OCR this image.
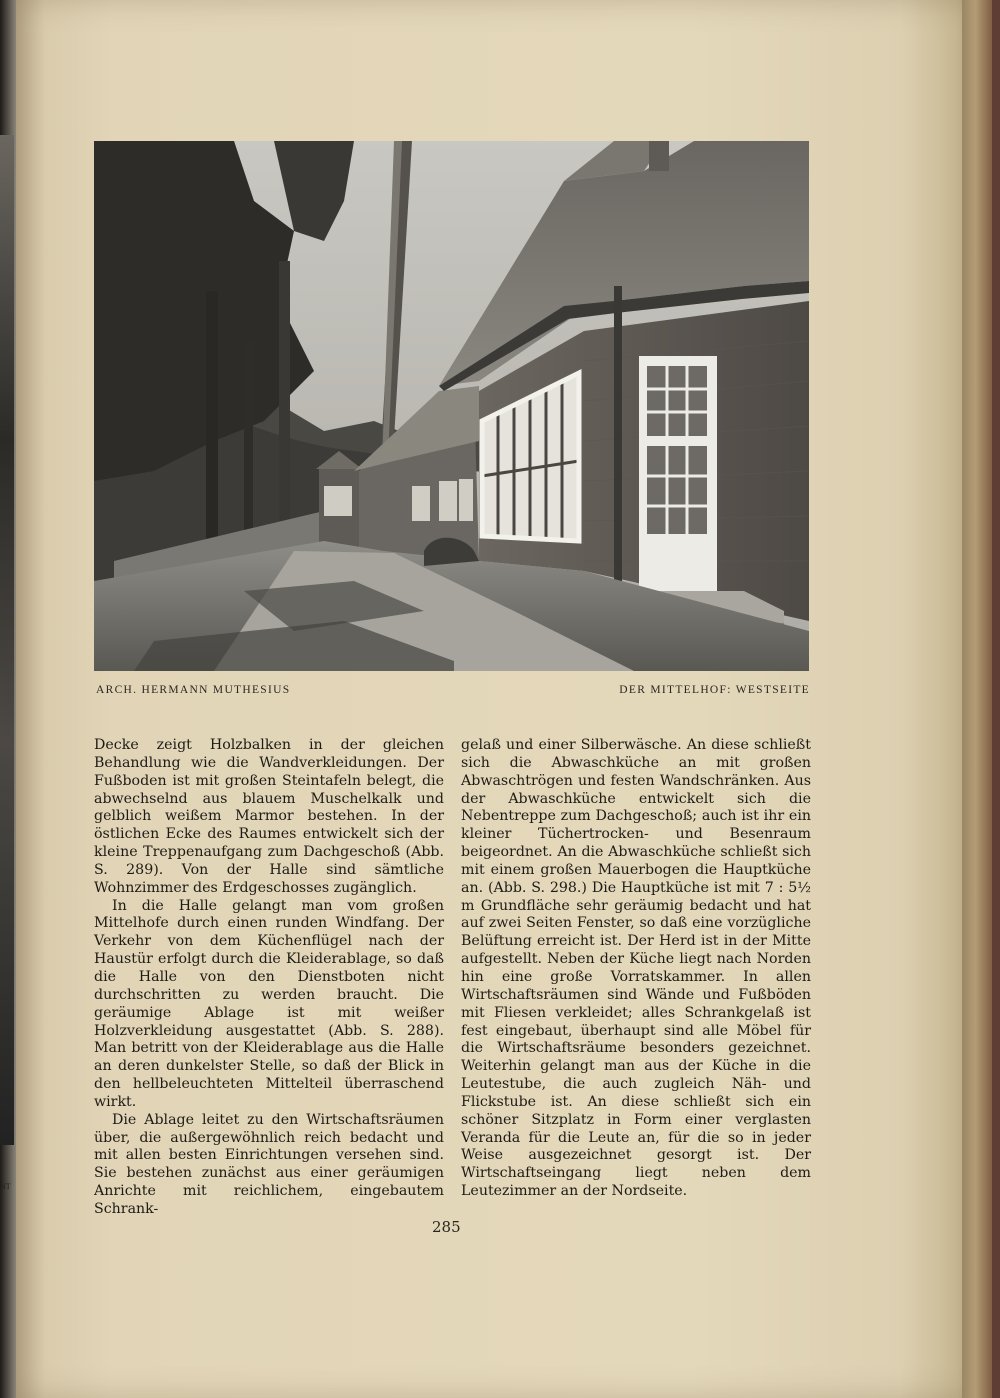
NT
ARCH. HERMANN MUTHESIUS	DER MITTELHOF: WESTSEITE

Decke zeigt Holzbalken in der gleichen Behandlung wie die Wandverkleidungen. Der Fußboden ist mit großen Steintafeln belegt, die abwechselnd aus blauem Muschelkalk und gelblich weißem Marmor bestehen. In der östlichen Ecke des Raumes entwickelt sich der kleine Treppenaufgang zum Dachgeschoß (Abb. S. 289). Von der Halle sind sämtliche Wohnzimmer des Erdgeschosses zugänglich.

In die Halle gelangt man vom großen Mittelhofe durch einen runden Windfang. Der Verkehr von dem Küchenflügel nach der Haustür erfolgt durch die Kleiderablage, so daß die Halle von den Dienstboten nicht durchschritten zu werden braucht. Die geräumige Ablage ist mit weißer Holzverkleidung ausgestattet (Abb. S. 288). Man betritt von der Kleiderablage aus die Halle an deren dunkelster Stelle, so daß der Blick in den hellbeleuchteten Mittelteil überraschend wirkt.

Die Ablage leitet zu den Wirtschaftsräumen über, die außergewöhnlich reich bedacht und mit allen besten Einrichtungen versehen sind. Sie bestehen zunächst aus einer geräumigen Anrichte mit reichlichem, eingebautem Schrank-

gelaß und einer Silberwäsche. An diese schließt sich die Abwaschküche an mit großen Abwaschtrögen und festen Wandschränken. Aus der Abwaschküche entwickelt sich die Nebentreppe zum Dachgeschoß; auch ist ihr ein kleiner Tüchertrocken- und Besenraum beigeordnet. An die Abwaschküche schließt sich mit einem großen Mauerbogen die Hauptküche an. (Abb. S. 298.) Die Hauptküche ist mit 7 : 5½ m Grundfläche sehr geräumig bedacht und hat auf zwei Seiten Fenster, so daß eine vorzügliche Belüftung erreicht ist. Der Herd ist in der Mitte aufgestellt. Neben der Küche liegt nach Norden hin eine große Vorratskammer. In allen Wirtschaftsräumen sind Wände und Fußböden mit Fliesen verkleidet; alles Schrankgelaß ist fest eingebaut, überhaupt sind alle Möbel für die Wirtschaftsräume besonders gezeichnet. Weiterhin gelangt man aus der Küche in die Leutestube, die auch zugleich Näh- und Flickstube ist. An diese schließt sich ein schöner Sitzplatz in Form einer verglasten Veranda für die Leute an, für die so in jeder Weise ausgezeichnet gesorgt ist. Der Wirtschaftseingang liegt neben dem Leutezimmer an der Nordseite.

285
